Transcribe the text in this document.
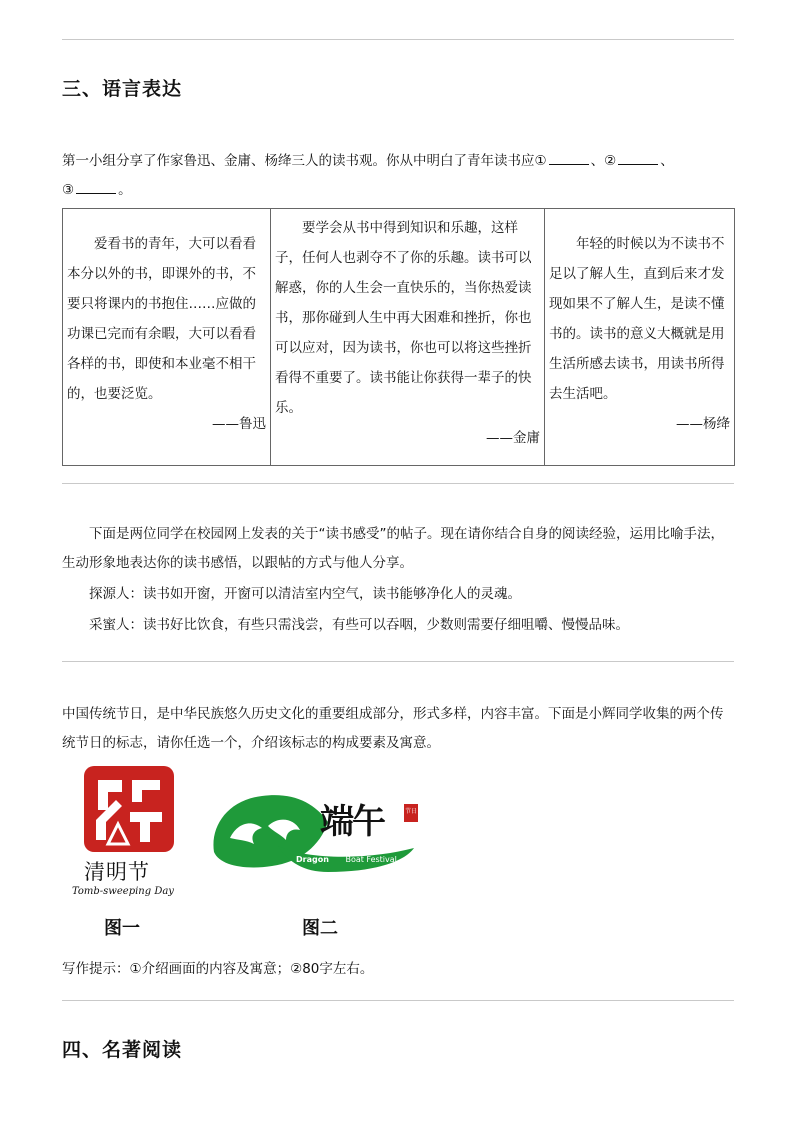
三、语言表达
第一小组分享了作家鲁迅、金庸、杨绛三人的读书观。你从中明白了青年读书应①	、②	、
③	。
爱看书的青年，大可以看看本分以外的书，即课外的书，不要只将课内的书抱住……应做的功课已完而有余暇，大可以看看各样的书，即使和本业毫不相干的，也要泛览。
——鲁迅

要学会从书中得到知识和乐趣，这样子，任何人也剥夺不了你的乐趣。读书可以解惑，你的人生会一直快乐的，当你热爱读书，那你碰到人生中再大困难和挫折，你也可以应对，因为读书，你也可以将这些挫折看得不重要了。读书能让你获得一辈子的快乐。
——金庸

年轻的时候以为不读书不足以了解人生，直到后来才发现如果不了解人生，是读不懂书的。读书的意义大概就是用生活所感去读书，用读书所得去生活吧。
——杨绛
下面是两位同学在校园网上发表的关于“读书感受”的帖子。现在请你结合自身的阅读经验，运用比喻手法，生动形象地表达你的读书感悟，以跟帖的方式与他人分享。
探源人：读书如开窗，开窗可以清洁室内空气，读书能够净化人的灵魂。
采蜜人：读书好比饮食，有些只需浅尝，有些可以吞咽，少数则需要仔细咀嚼、慢慢品味。
中国传统节日，是中华民族悠久历史文化的重要组成部分，形式多样，内容丰富。下面是小辉同学收集的两个传统节日的标志，请你任选一个，介绍该标志的构成要素及寓意。
清明节
Tomb-sweeping Day
端午	节日
Dragon Boat Festival
图一	图二
写作提示：①介绍画面的内容及寓意；②80字左右。
四、名著阅读
